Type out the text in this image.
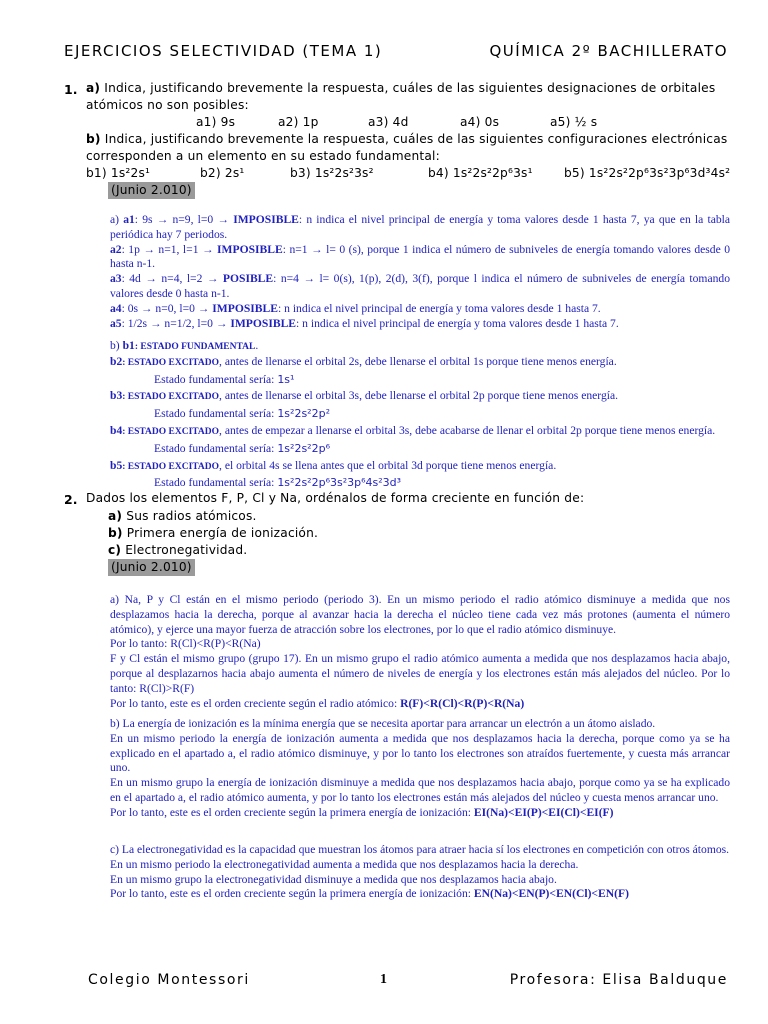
EJERCICIOS SELECTIVIDAD (TEMA 1)	QUÍMICA 2º BACHILLERATO
1. a) Indica, justificando brevemente la respuesta, cuáles de las siguientes designaciones de orbitales
atómicos no son posibles:
a1) 9s	a2) 1p	a3) 4d	a4) 0s	a5) ½ s
b) Indica, justificando brevemente la respuesta, cuáles de las siguientes configuraciones electrónicas
corresponden a un elemento en su estado fundamental:
b1) 1s²2s¹	b2) 2s¹	b3) 1s²2s²3s²	b4) 1s²2s²2p⁶3s¹	b5) 1s²2s²2p⁶3s²3p⁶3d³4s²
(Junio 2.010)

a) a1: 9s → n=9, l=0 → IMPOSIBLE: n indica el nivel principal de energía y toma valores desde 1 hasta 7, ya que en la tabla periódica hay 7 periodos.

a2: 1p → n=1, l=1 → IMPOSIBLE: n=1 → l= 0 (s), porque 1 indica el número de subniveles de energía tomando valores desde 0 hasta n-1.

a3: 4d → n=4, l=2 → POSIBLE: n=4 → l= 0(s), 1(p), 2(d), 3(f), porque l indica el número de subniveles de energía tomando valores desde 0 hasta n-1.

a4: 0s → n=0, l=0 → IMPOSIBLE: n indica el nivel principal de energía y toma valores desde 1 hasta 7.

a5: 1/2s → n=1/2, l=0 → IMPOSIBLE: n indica el nivel principal de energía y toma valores desde 1 hasta 7.

b) b1: ESTADO FUNDAMENTAL.

b2: ESTADO EXCITADO, antes de llenarse el orbital 2s, debe llenarse el orbital 1s porque tiene menos energía.

Estado fundamental sería: 1s¹

b3: ESTADO EXCITADO, antes de llenarse el orbital 3s, debe llenarse el orbital 2p porque tiene menos energía.

Estado fundamental sería: 1s²2s²2p²

b4: ESTADO EXCITADO, antes de empezar a llenarse el orbital 3s, debe acabarse de llenar el orbital 2p porque tiene menos energía.

Estado fundamental sería: 1s²2s²2p⁶

b5: ESTADO EXCITADO, el orbital 4s se llena antes que el orbital 3d porque tiene menos energía.

Estado fundamental sería: 1s²2s²2p⁶3s²3p⁶4s²3d³

2. Dados los elementos F, P, Cl y Na, ordénalos de forma creciente en función de:
a) Sus radios atómicos.
b) Primera energía de ionización.
c) Electronegatividad.
(Junio 2.010)

a) Na, P y Cl están en el mismo periodo (periodo 3). En un mismo periodo el radio atómico disminuye a medida que nos desplazamos hacia la derecha, porque al avanzar hacia la derecha el núcleo tiene cada vez más protones (aumenta el número atómico), y ejerce una mayor fuerza de atracción sobre los electrones, por lo que el radio atómico disminuye.

Por lo tanto: R(Cl)<R(P)<R(Na)

F y Cl están el mismo grupo (grupo 17). En un mismo grupo el radio atómico aumenta a medida que nos desplazamos hacia abajo, porque al desplazarnos hacia abajo aumenta el número de niveles de energía y los electrones están más alejados del núcleo. Por lo tanto: R(Cl)>R(F)

Por lo tanto, este es el orden creciente según el radio atómico: R(F)<R(Cl)<R(P)<R(Na)

b) La energía de ionización es la mínima energía que se necesita aportar para arrancar un electrón a un átomo aislado.

En un mismo periodo la energía de ionización aumenta a medida que nos desplazamos hacia la derecha, porque como ya se ha explicado en el apartado a, el radio atómico disminuye, y por lo tanto los electrones son atraídos fuertemente, y cuesta más arrancar uno.

En un mismo grupo la energía de ionización disminuye a medida que nos desplazamos hacia abajo, porque como ya se ha explicado en el apartado a, el radio atómico aumenta, y por lo tanto los electrones están más alejados del núcleo y cuesta menos arrancar uno.

Por lo tanto, este es el orden creciente según la primera energía de ionización: EI(Na)<EI(P)<EI(Cl)<EI(F)

c) La electronegatividad es la capacidad que muestran los átomos para atraer hacia sí los electrones en competición con otros átomos.

En un mismo periodo la electronegatividad aumenta a medida que nos desplazamos hacia la derecha.

En un mismo grupo la electronegatividad disminuye a medida que nos desplazamos hacia abajo.

Por lo tanto, este es el orden creciente según la primera energía de ionización: EN(Na)<EN(P)<EN(Cl)<EN(F)

Colegio Montessori	1	Profesora: Elisa Balduque
